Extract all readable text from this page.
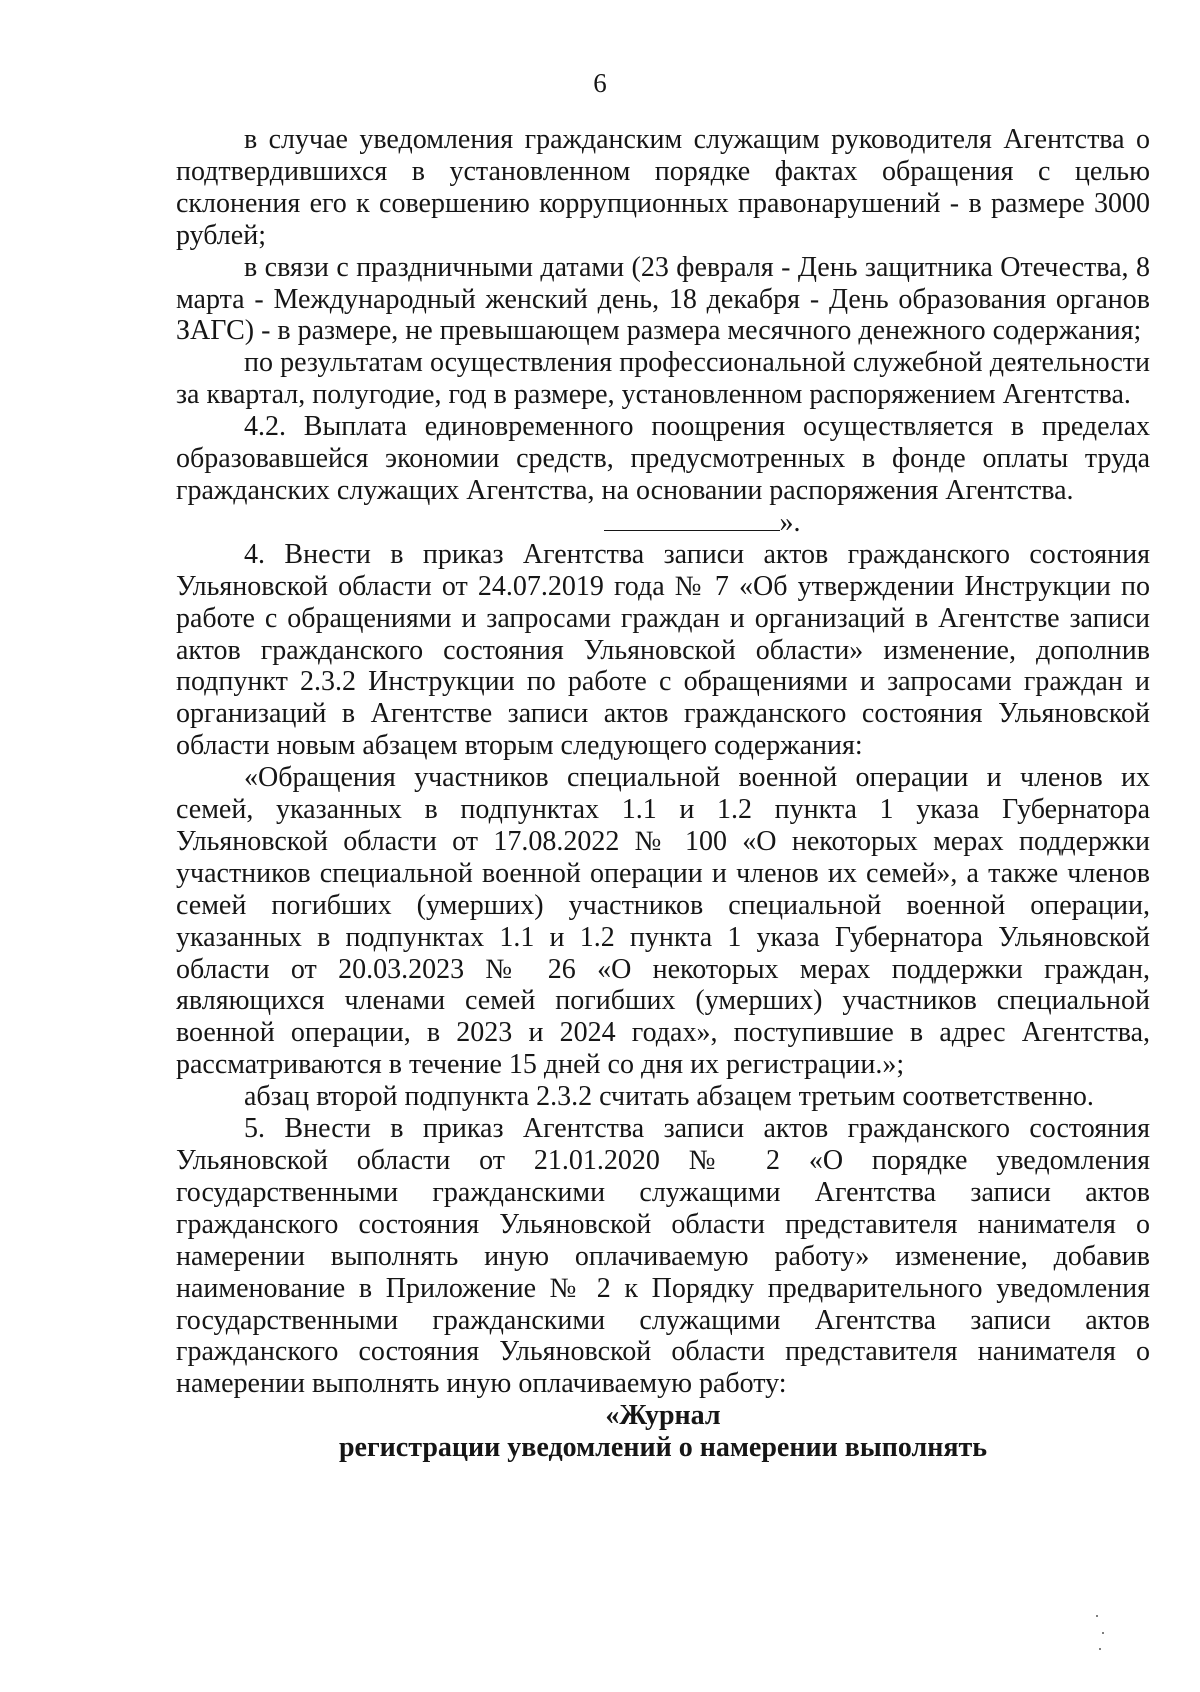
6

в случае уведомления гражданским служащим руководителя Агентства о подтвердившихся в установленном порядке фактах обращения с целью склонения его к совершению коррупционных правонарушений - в размере 3000 рублей;

в связи с праздничными датами (23 февраля - День защитника Отечества, 8 марта - Международный женский день, 18 декабря - День образования органов ЗАГС) - в размере, не превышающем размера месячного денежного содержания;

по результатам осуществления профессиональной служебной деятельности за квартал, полугодие, год в размере, установленном распоряжением Агентства.

4.2. Выплата единовременного поощрения осуществляется в пределах образовавшейся экономии средств, предусмотренных в фонде оплаты труда гражданских служащих Агентства, на основании распоряжения Агентства.

».

4. Внести в приказ Агентства записи актов гражданского состояния Ульяновской области от 24.07.2019 года № 7 «Об утверждении Инструкции по работе с обращениями и запросами граждан и организаций в Агентстве записи актов гражданского состояния Ульяновской области» изменение, дополнив подпункт 2.3.2 Инструкции по работе с обращениями и запросами граждан и организаций в Агентстве записи актов гражданского состояния Ульяновской области новым абзацем вторым следующего содержания:

«Обращения участников специальной военной операции и членов их семей, указанных в подпунктах 1.1 и 1.2 пункта 1 указа Губернатора Ульяновской области от 17.08.2022 № 100 «О некоторых мерах поддержки участников специальной военной операции и членов их семей», а также членов семей погибших (умерших) участников специальной военной операции, указанных в подпунктах 1.1 и 1.2 пункта 1 указа Губернатора Ульяновской области от 20.03.2023 № 26 «О некоторых мерах поддержки граждан, являющихся членами семей погибших (умерших) участников специальной военной операции, в 2023 и 2024 годах», поступившие в адрес Агентства, рассматриваются в течение 15 дней со дня их регистрации.»;

абзац второй подпункта 2.3.2 считать абзацем третьим соответственно.

5. Внести в приказ Агентства записи актов гражданского состояния Ульяновской области от 21.01.2020 № 2 «О порядке уведомления государственными гражданскими служащими Агентства записи актов гражданского состояния Ульяновской области представителя нанимателя о намерении выполнять иную оплачиваемую работу» изменение, добавив наименование в Приложение № 2 к Порядку предварительного уведомления государственными гражданскими служащими Агентства записи актов гражданского состояния Ульяновской области представителя нанимателя о намерении выполнять иную оплачиваемую работу:

«Журнал

регистрации уведомлений о намерении выполнять
